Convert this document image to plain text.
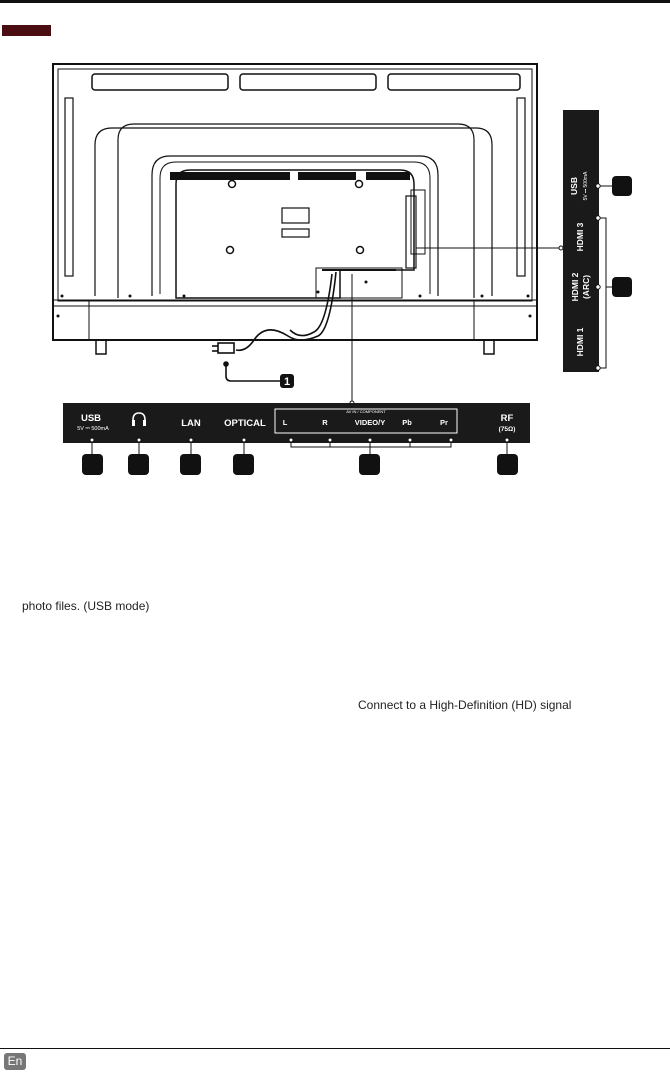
1
USB 5V ⎓ 500mA
HDMI 3
HDMI 2 (ARC)
HDMI 1
USB
5V ⎓ 500mA	LAN OPTICAL
AV IN / COMPONENT
L	R	VIDEO/Y Pb	Pr	RF
(75Ω)
photo files. (USB mode)
Connect to a High-Definition (HD) signal
En
